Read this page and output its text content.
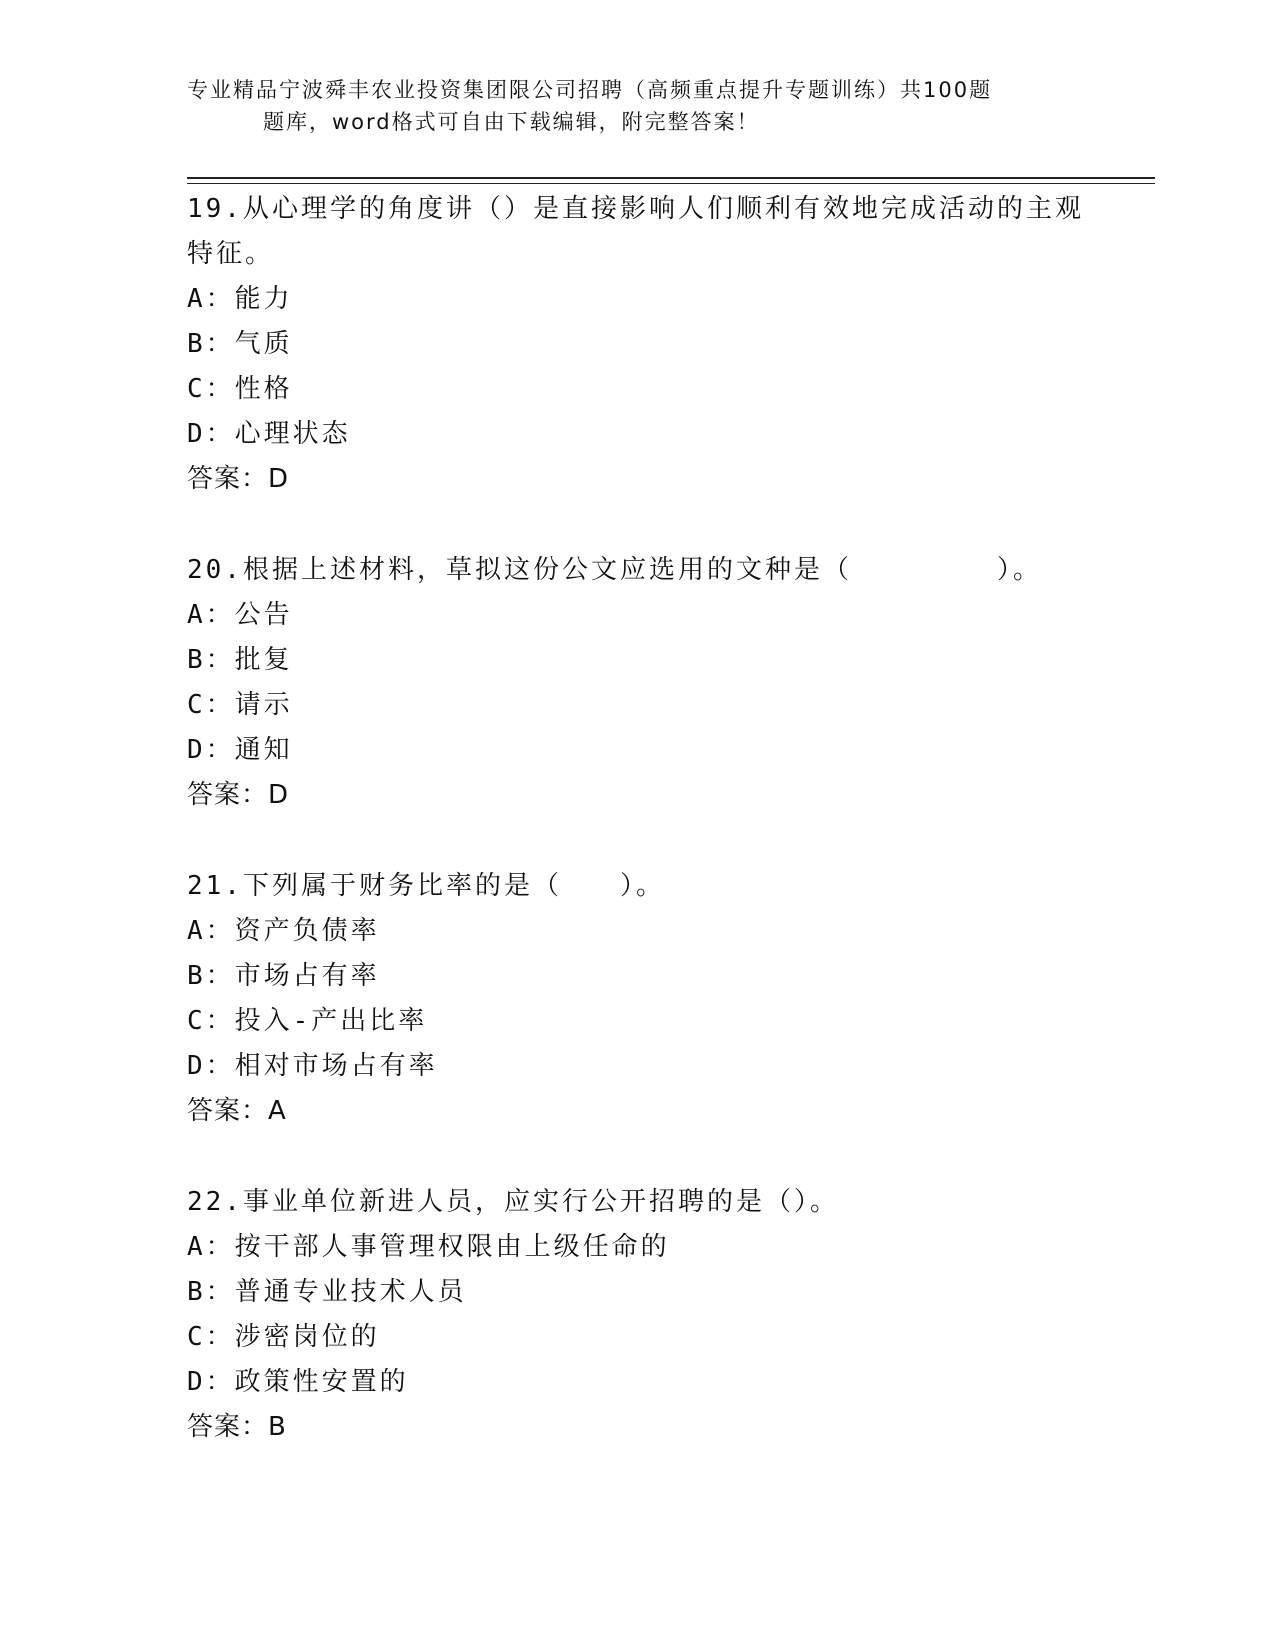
专业精品宁波舜丰农业投资集团限公司招聘（高频重点提升专题训练）共100题
题库，word格式可自由下载编辑，附完整答案！

19.从心理学的角度讲（）是直接影响人们顺利有效地完成活动的主观特征。

A：能力
B：气质
C：性格
D：心理状态
答案：D

20.根据上述材料，草拟这份公文应选用的文种是（　　　　　）。

A：公告
B：批复
C：请示
D：通知
答案：D

21.下列属于财务比率的是（　　）。

A：资产负债率
B：市场占有率
C：投入-产出比率
D：相对市场占有率
答案：A

22.事业单位新进人员，应实行公开招聘的是（）。

A：按干部人事管理权限由上级任命的
B：普通专业技术人员
C：涉密岗位的
D：政策性安置的
答案：B
